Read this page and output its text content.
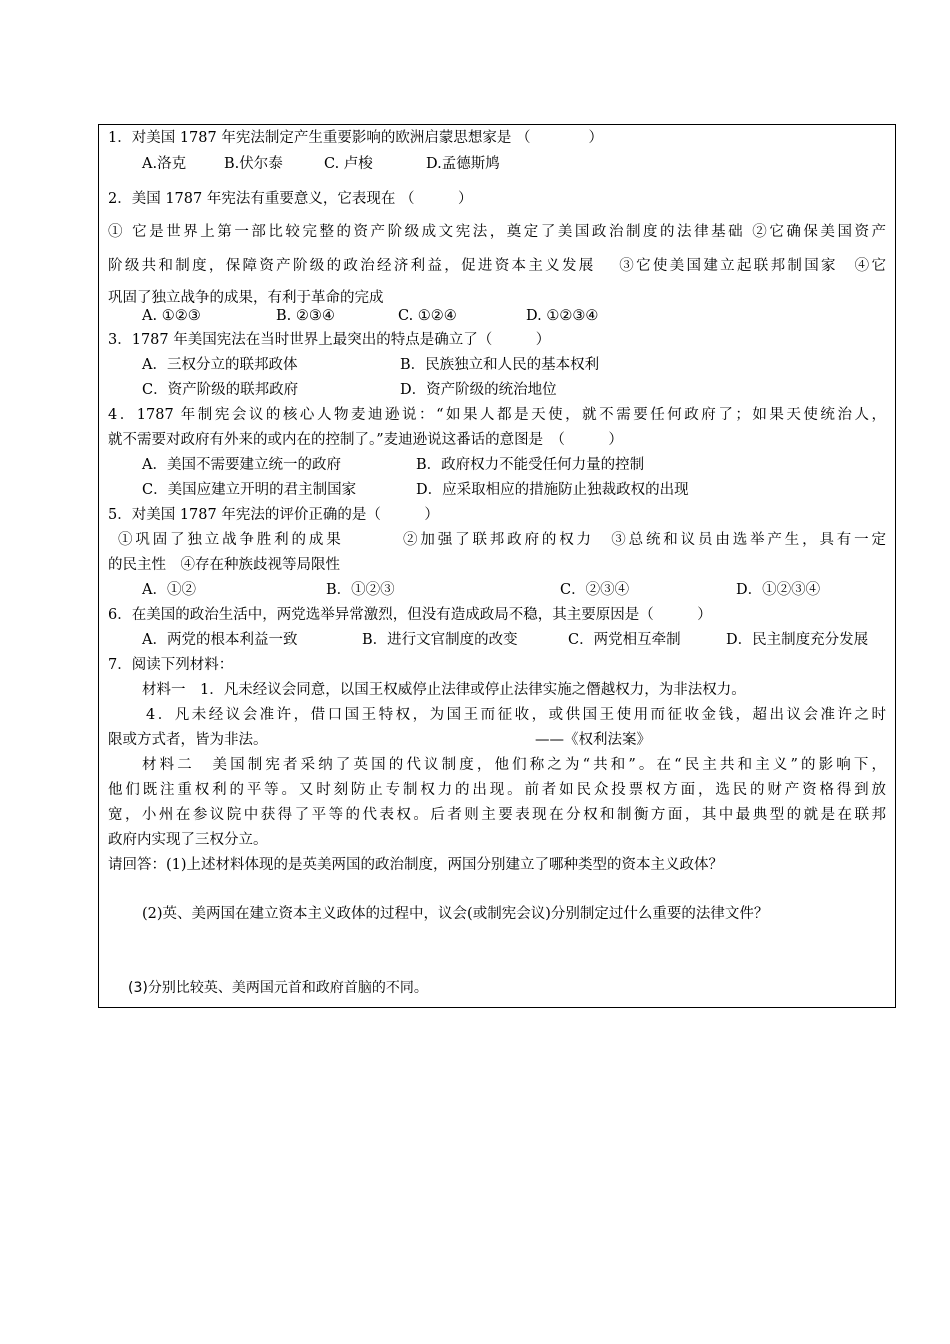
1．对美国 1787 年宪法制定产生重要影响的欧洲启蒙思想家是 （　　　　）
A.洛克	B.伏尔泰	C. 卢梭	D.孟德斯鸠
2．美国 1787 年宪法有重要意义，它表现在 （　　　）
① 它是世界上第一部比较完整的资产阶级成文宪法，奠定了美国政治制度的法律基础 ②它确保美国资产
阶级共和制度，保障资产阶级的政治经济利益，促进资本主义发展　 ③它使美国建立起联邦制国家　④它
巩固了独立战争的成果，有利于革命的完成
A. ①②③	B. ②③④	C. ①②④	D. ①②③④
3．1787 年美国宪法在当时世界上最突出的特点是确立了（　　　）
A．三权分立的联邦政体	B．民族独立和人民的基本权利
C．资产阶级的联邦政府	D．资产阶级的统治地位
4．1787 年制宪会议的核心人物麦迪逊说：“如果人都是天使，就不需要任何政府了；如果天使统治人，
就不需要对政府有外来的或内在的控制了。”麦迪逊说这番话的意图是　（　　　）
A．美国不需要建立统一的政府	B．政府权力不能受任何力量的控制
C．美国应建立开明的君主制国家	D．应采取相应的措施防止独裁政权的出现
5．对美国 1787 年宪法的评价正确的是（　　　）
①巩固了独立战争胜利的成果　　　 ②加强了联邦政府的权力　③总统和议员由选举产生，具有一定
的民主性　④存在种族歧视等局限性
A．①②	B．①②③	C．②③④	D．①②③④
6．在美国的政治生活中，两党选举异常激烈，但没有造成政局不稳，其主要原因是（　　　）
A．两党的根本利益一致	B．进行文官制度的改变	C．两党相互牵制	D．民主制度充分发展
7．阅读下列材料：
材料一　1．凡未经议会同意，以国王权威停止法律或停止法律实施之僭越权力，为非法权力。
4．凡未经议会准许，借口国王特权，为国王而征收，或供国王使用而征收金钱，超出议会准许之时
限或方式者，皆为非法。	——《权利法案》
材料二　美国制宪者采纳了英国的代议制度，他们称之为“共和”。在“民主共和主义”的影响下，
他们既注重权利的平等。又时刻防止专制权力的出现。前者如民众投票权方面，选民的财产资格得到放
宽，小州在参议院中获得了平等的代表权。后者则主要表现在分权和制衡方面，其中最典型的就是在联邦
政府内实现了三权分立。
请回答：(1)上述材料体现的是英美两国的政治制度，两国分别建立了哪种类型的资本主义政体？
(2)英、美两国在建立资本主义政体的过程中，议会(或制宪会议)分别制定过什么重要的法律文件？
(3)分别比较英、美两国元首和政府首脑的不同。
